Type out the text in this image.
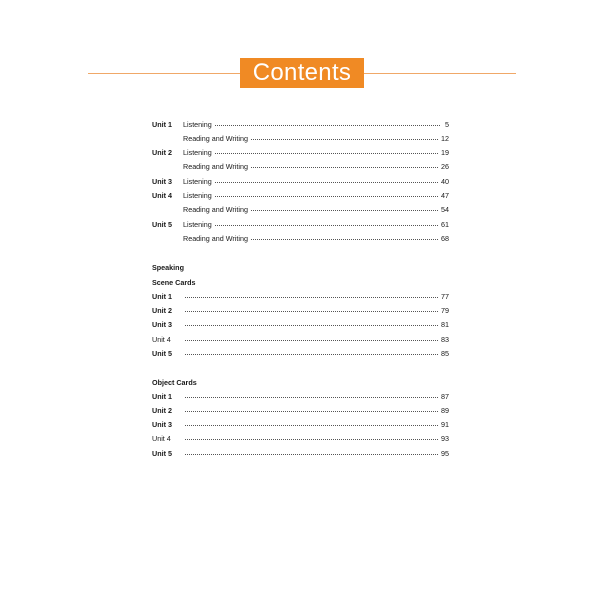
Contents
Unit 1	Listening	5
Reading and Writing	12
Unit 2	Listening	19
Reading and Writing	26
Unit 3	Listening	40
Unit 4	Listening	47
Reading and Writing	54
Unit 5	Listening	61
Reading and Writing	68
Speaking
Scene Cards
Unit 1	77
Unit 2	79
Unit 3	81
Unit 4	83
Unit 5	85
Object Cards
Unit 1	87
Unit 2	89
Unit 3	91
Unit 4	93
Unit 5	95
